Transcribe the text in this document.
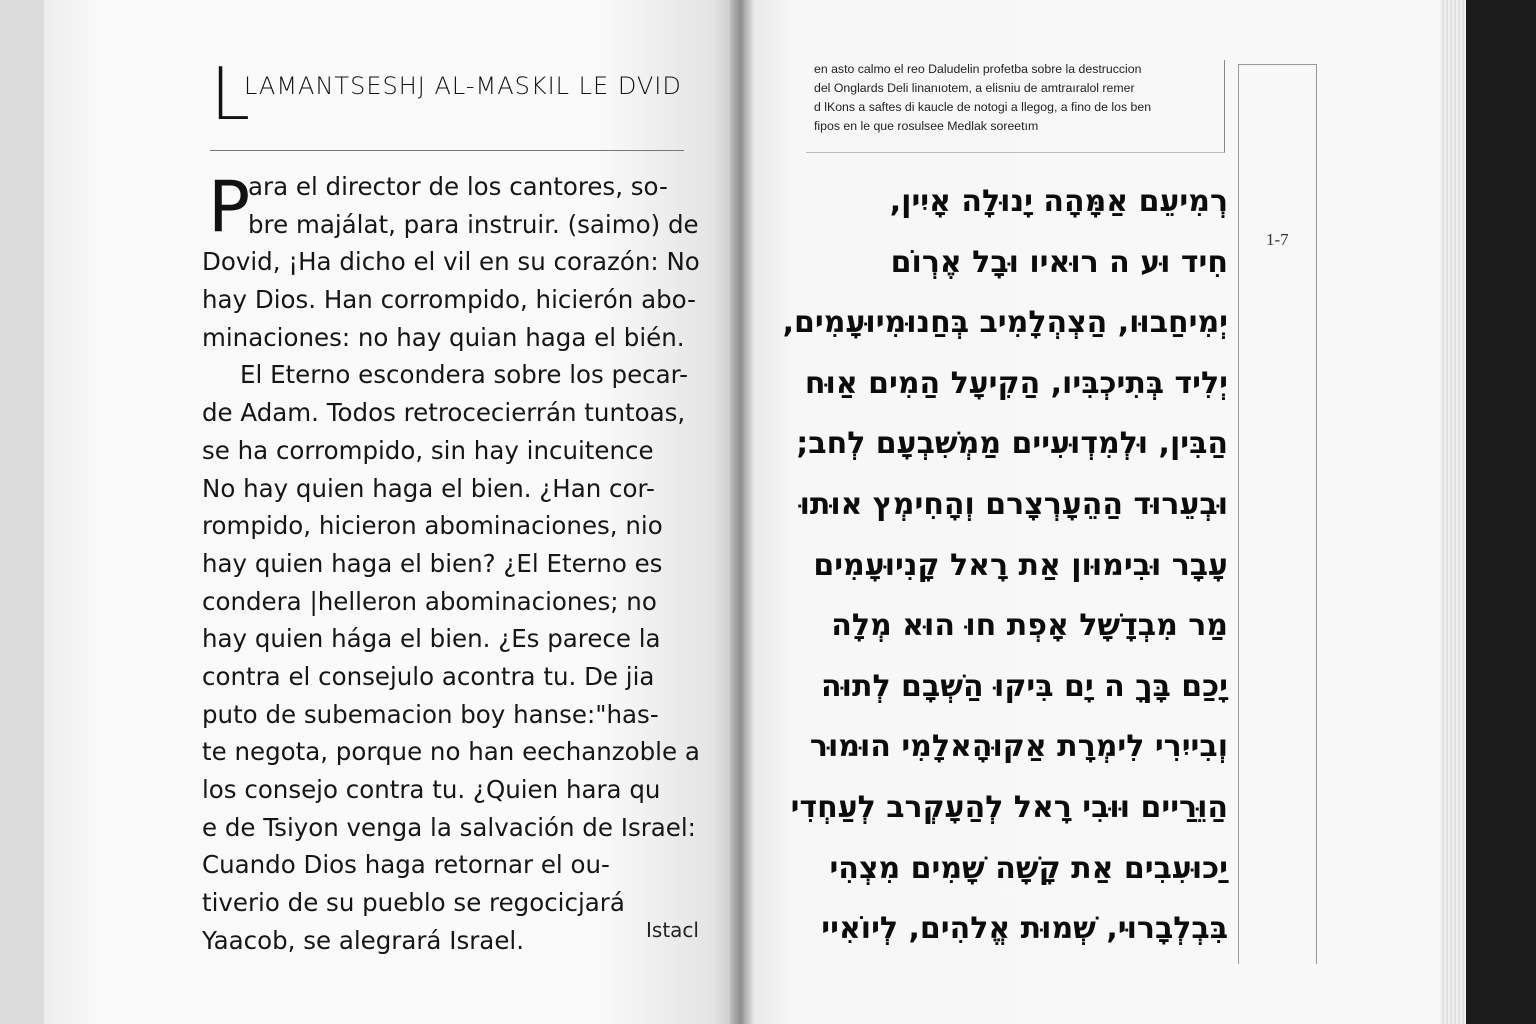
L
LAMANTSESHJ AL-MASKIL LE DVID
P
ara el director de los cantores, so-
bre majálat, para instruir. (saimo) de
Dovid, ¡Ha dicho el vil en su corazón: No
hay Dios. Han corrompido, hicierón abo-
minaciones: no hay quian haga el bién.
El Eterno escondera sobre los pecar-
de Adam. Todos retrocecierrán tuntoas,
se ha corrompido, sin hay incuitence
No hay quien haga el bien. ¿Han cor-
rompido, hicieron abominaciones, nio
hay quien haga el bien? ¿El Eterno es
condera |helleron abominaciones; no
hay quien hága el bien. ¿Es parece la
contra el consejulo acontra tu. De jia
puto de subemacion boy hanse:"has-
te negota, porque no han eechanzoble a
los consejo contra tu. ¿Quien hara qu
e de Tsiyon venga la salvación de Israel:
Cuando Dios haga retornar el ou-
tiverio de su pueblo se regocicjará
Yaacob, se alegrará Israel.	Istacl
en asto calmo el reo Daludelin profetba sobre la destruccion
del Onglards Deli linanıotem, a elisniu de amtraıralol remer
d lKons a saftes di kaucle de notogi a llegog, a fino de los ben
fipos en le que rosulsee Medlak soreetım
1-7
רְמִיעֵם אַמָּהָה יָנוּלָה אָיִין,
חִיד וּע ה רוּאיו וּבָל אֶרְוֹם
יְמִיחַבוּו, הַצְהְלָמִיב בְּחַנוּמִיוּעָמִים,
יְלִיד בְּתִיכְבִּיו, הַקִיעָל הַמִים אַוּח
הַבִּין, וּלְמִדְוּעִיים מַמְשִׁבְעָם לְחב;
וּבְעֵרוּד הַהֵעָרְצָרם וְהָחִימְץ אוּתוּ
עָבָר וּבִימוּון אַת רָאל קָנִיוּעָמִים
מַר מִבְדָשָׁל אָפְת חוּ הוּא מְלָה
יָכַם בָּךָ ה יָם בִּיקוּ הַשְׁבָם לְתוּה
וְבִייִרִי לִימְרָת אַקוּהָאלָמִי הוּמוּר
הַוֵּרַיים וּוּבִי רָאל לְהַעָקְרב לְעַחְדִי
יַכוּעִבִים אַת קָשָׁה שָׁמִים מִצְהִי
בִּבְלְבָרוּי, שְׁמוּת אֱלהִים, לְיוֹאִיי
